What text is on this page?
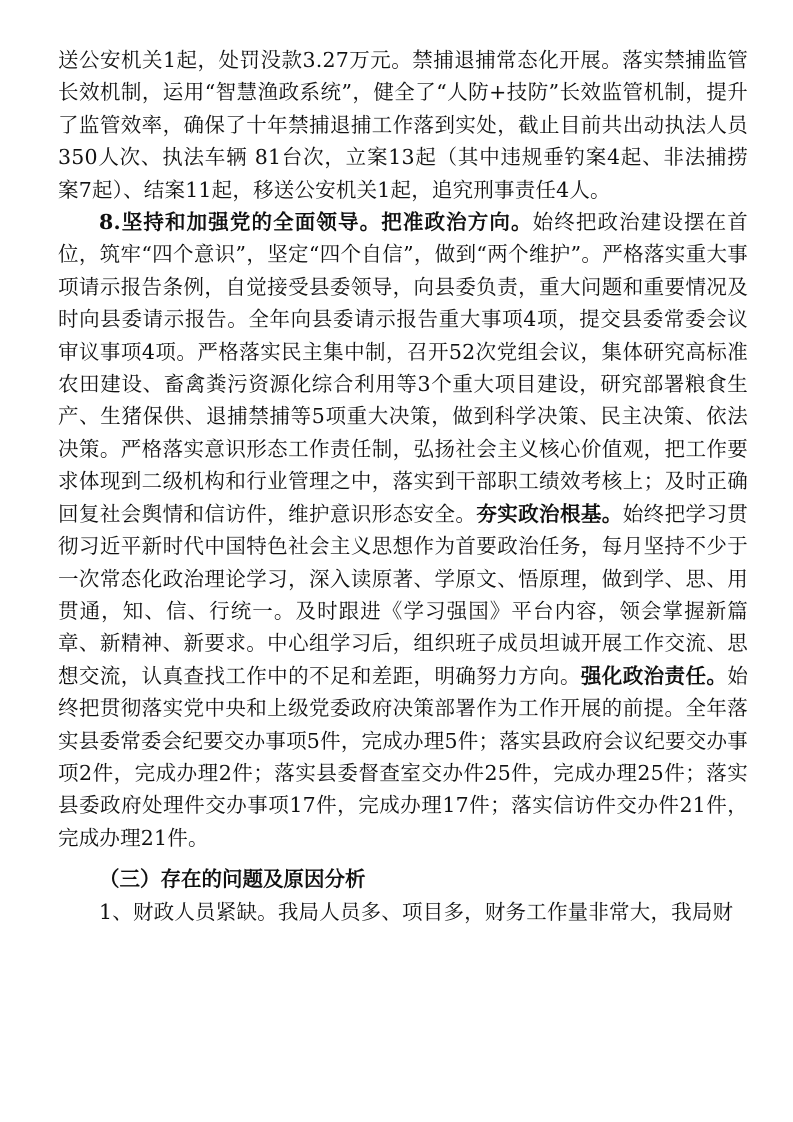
送公安机关1起，处罚没款3.27万元。禁捕退捕常态化开展。落实禁捕监管长效机制，运用“智慧渔政系统”，健全了“人防+技防”长效监管机制，提升了监管效率，确保了十年禁捕退捕工作落到实处，截止目前共出动执法人员350人次、执法车辆 81台次，立案13起（其中违规垂钓案4起、非法捕捞案7起）、结案11起，移送公安机关1起，追究刑事责任4人。

8.坚持和加强党的全面领导。把准政治方向。始终把政治建设摆在首位，筑牢“四个意识”，坚定“四个自信”，做到“两个维护”。严格落实重大事项请示报告条例，自觉接受县委领导，向县委负责，重大问题和重要情况及时向县委请示报告。全年向县委请示报告重大事项4项，提交县委常委会议审议事项4项。严格落实民主集中制，召开52次党组会议，集体研究高标准农田建设、畜禽粪污资源化综合利用等3个重大项目建设，研究部署粮食生产、生猪保供、退捕禁捕等5项重大决策，做到科学决策、民主决策、依法决策。严格落实意识形态工作责任制，弘扬社会主义核心价值观，把工作要求体现到二级机构和行业管理之中，落实到干部职工绩效考核上；及时正确回复社会舆情和信访件，维护意识形态安全。夯实政治根基。始终把学习贯彻习近平新时代中国特色社会主义思想作为首要政治任务，每月坚持不少于一次常态化政治理论学习，深入读原著、学原文、悟原理，做到学、思、用贯通，知、信、行统一。及时跟进《学习强国》平台内容，领会掌握新篇章、新精神、新要求。中心组学习后，组织班子成员坦诚开展工作交流、思想交流，认真查找工作中的不足和差距，明确努力方向。强化政治责任。始终把贯彻落实党中央和上级党委政府决策部署作为工作开展的前提。全年落实县委常委会纪要交办事项5件，完成办理5件；落实县政府会议纪要交办事项2件，完成办理2件；落实县委督查室交办件25件，完成办理25件；落实县委政府处理件交办事项17件，完成办理17件；落实信访件交办件21件，完成办理21件。

（三）存在的问题及原因分析

1、财政人员紧缺。我局人员多、项目多，财务工作量非常大，我局财
